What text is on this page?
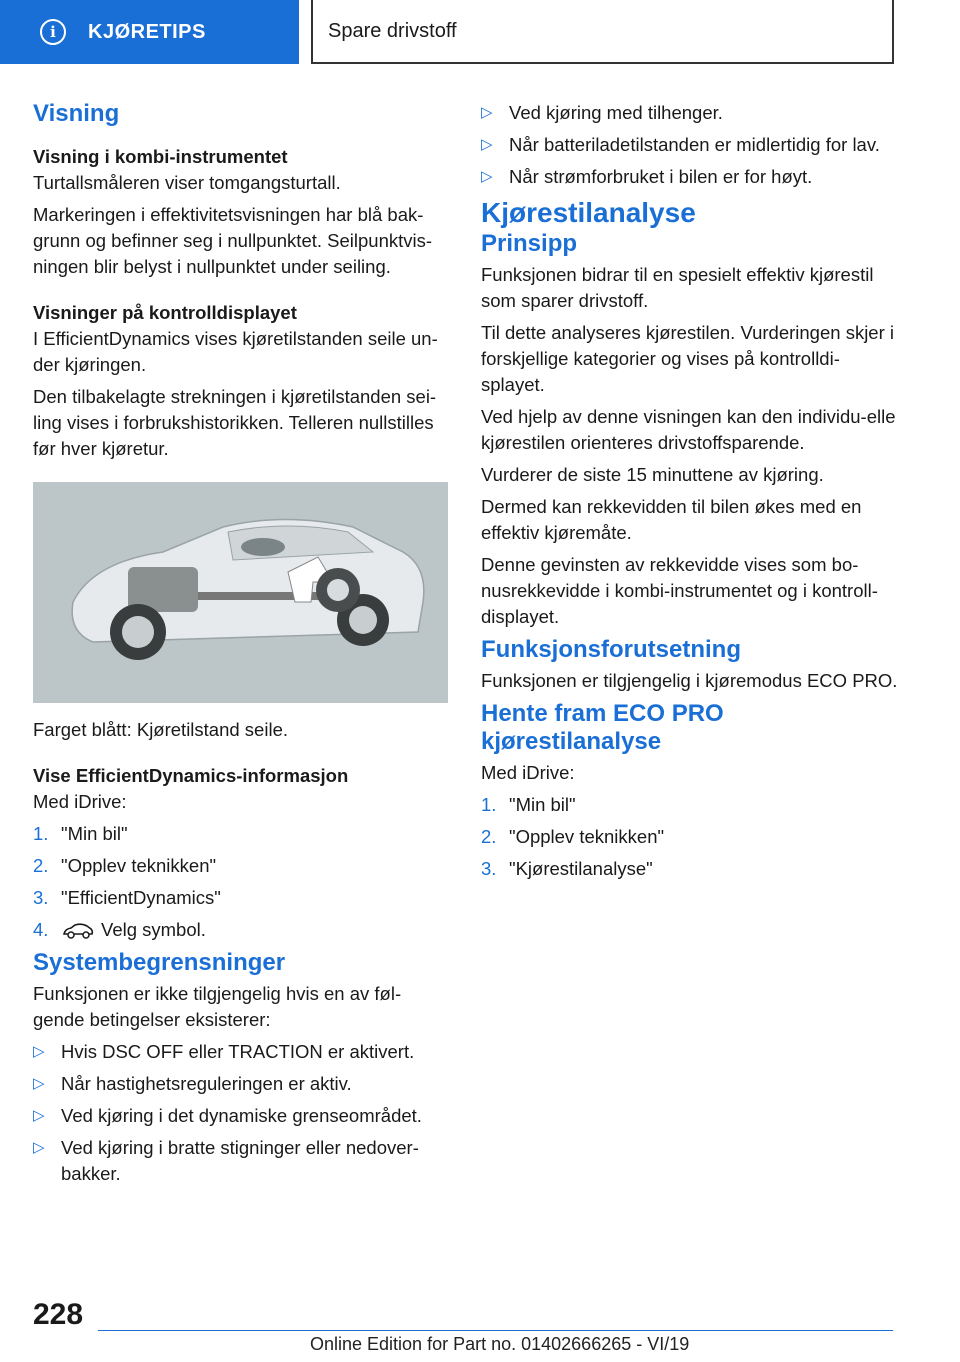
i	KJØRETIPS	Spare drivstoff
Visning
Visning i kombi-instrumentet

Turtallsmåleren viser tomgangsturtall.

Markeringen i effektivitetsvisningen har blå bak-grunn og befinner seg i nullpunktet. Seilpunktvis-ningen blir belyst i nullpunktet under seiling.

Visninger på kontrolldisplayet

I EfficientDynamics vises kjøretilstanden seile un-der kjøringen.

Den tilbakelagte strekningen i kjøretilstanden sei-ling vises i forbrukshistorikken. Telleren nullstilles før hver kjøretur.

Farget blått: Kjøretilstand seile.

Vise EfficientDynamics-informasjon

Med iDrive:

1. "Min bil"
2. "Opplev teknikken"
3. "EfficientDynamics"
4.	Velg symbol.
Systembegrensninger

Funksjonen er ikke tilgjengelig hvis en av føl-gende betingelser eksisterer:

▷ Hvis DSC OFF eller TRACTION er aktivert.
▷ Når hastighetsreguleringen er aktiv.
▷ Ved kjøring i det dynamiske grenseområdet.
▷ Ved kjøring i bratte stigninger eller nedover-bakker.
▷ Ved kjøring med tilhenger.
▷ Når batteriladetilstanden er midlertidig for lav.
▷ Når strømforbruket i bilen er for høyt.
Kjørestilanalyse
Prinsipp

Funksjonen bidrar til en spesielt effektiv kjørestil som sparer drivstoff.

Til dette analyseres kjørestilen. Vurderingen skjer i forskjellige kategorier og vises på kontrolldi-splayet.

Ved hjelp av denne visningen kan den individu-elle kjørestilen orienteres drivstoffsparende.

Vurderer de siste 15 minuttene av kjøring.

Dermed kan rekkevidden til bilen økes med en effektiv kjøremåte.

Denne gevinsten av rekkevidde vises som bo-nusrekkevidde i kombi-instrumentet og i kontroll-displayet.

Funksjonsforutsetning

Funksjonen er tilgjengelig i kjøremodus ECO PRO.

Hente fram ECO PRO kjørestilanalyse

Med iDrive:

1. "Min bil"
2. "Opplev teknikken"
3. "Kjørestilanalyse"
228
Online Edition for Part no. 01402666265 - VI/19
